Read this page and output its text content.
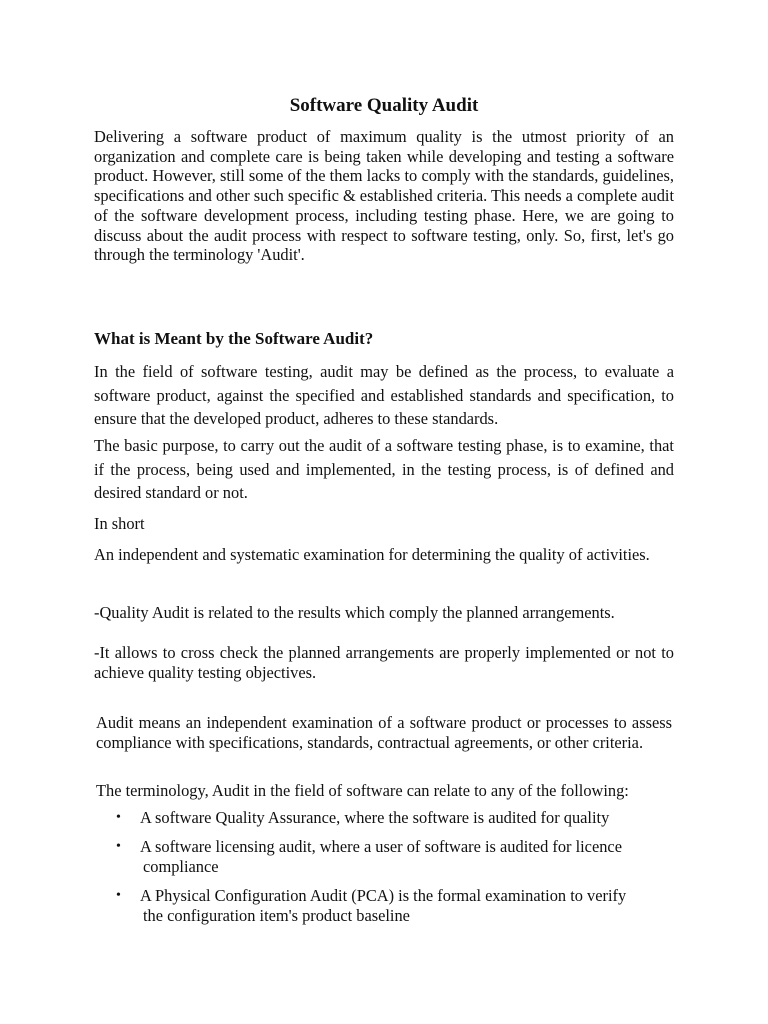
Software Quality Audit
Delivering a software product of maximum quality is the utmost priority of an organization and complete care is being taken while developing and testing a software product. However, still some of the them lacks to comply with the standards, guidelines, specifications and other such specific & established criteria. This needs a complete audit of the software development process, including testing phase. Here, we are going to discuss about the audit process with respect to software testing, only. So, first, let's go through the terminology 'Audit'.
What is Meant by the Software Audit?
In the field of software testing, audit may be defined as the process, to evaluate a software product, against the specified and established standards and specification, to ensure that the developed product, adheres to these standards.
The basic purpose, to carry out the audit of a software testing phase, is to examine, that if the process, being used and implemented, in the testing process, is of defined and desired standard or not.
In short
An independent and systematic examination for determining the quality of activities.
-Quality Audit is related to the results which comply the planned arrangements.
-It allows to cross check the planned arrangements are properly implemented or not to achieve quality testing objectives.
Audit means an independent examination of a software product or processes to assess compliance with specifications, standards, contractual agreements, or other criteria.
The terminology, Audit in the field of software can relate to any of the following:
• A software Quality Assurance, where the software is audited for quality
• A software licensing audit, where a user of software is audited for licence
compliance
• A Physical Configuration Audit (PCA) is the formal examination to verify
the configuration item's product baseline
